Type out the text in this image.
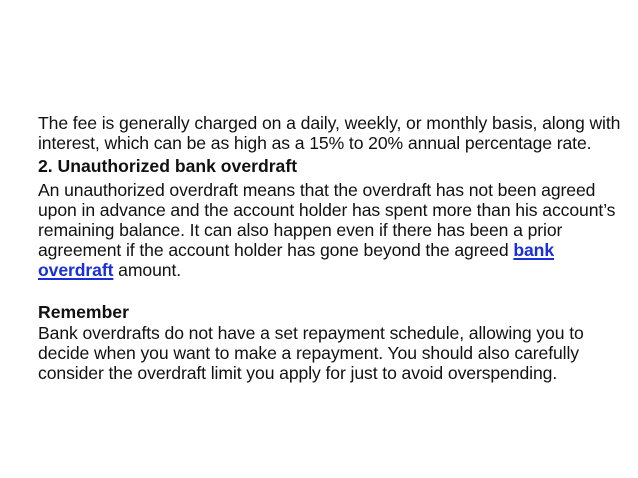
The fee is generally charged on a daily, weekly, or monthly basis, along with interest, which can be as high as a 15% to 20% annual percentage rate.

2. Unauthorized bank overdraft

An unauthorized overdraft means that the overdraft has not been agreed upon in advance and the account holder has spent more than his account’s remaining balance. It can also happen even if there has been a prior agreement if the account holder has gone beyond the agreed bank overdraft amount.

Remember

Bank overdrafts do not have a set repayment schedule, allowing you to decide when you want to make a repayment. You should also carefully consider the overdraft limit you apply for just to avoid overspending.
